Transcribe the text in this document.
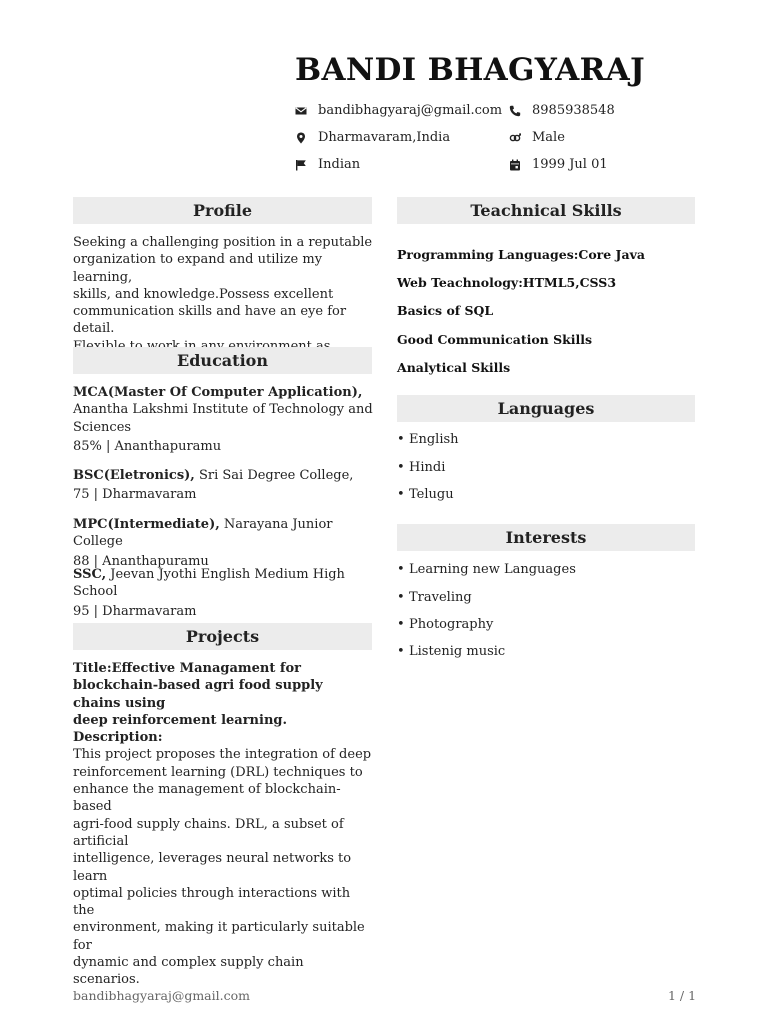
BANDI BHAGYARAJ
bandibhagyaraj@gmail.com 8985938548
Dharmavaram,India	Male
Indian	1999 Jul 01
Profile
Seeking a challenging position in a reputable
organization to expand and utilize my learning,
skills, and knowledge.Possess excellent
communication skills and have an eye for detail.
Education
MCA(Master Of Computer Application),
Anantha Lakshmi Institute of Technology and
Sciences
85% | Ananthapuramu
BSC(Eletronics), Sri Sai Degree College,
75 | Dharmavaram
MPC(Intermediate), Narayana Junior College
88 | Ananthapuramu
SSC, Jeevan Jyothi English Medium High School
95 | Dharmavaram
Projects
Title:Effective Managament for
blockchain-based agri food supply chains using
deep reinforcement learning.
Description:
This project proposes the integration of deep
reinforcement learning (DRL) techniques to
enhance the management of blockchain-based
agri-food supply chains. DRL, a subset of artificial
intelligence, leverages neural networks to learn
optimal policies through interactions with the
environment, making it particularly suitable for
dynamic and complex supply chain scenarios.
Teachnical Skills
Programming Languages:Core Java
Web Teachnology:HTML5,CSS3
Basics of SQL
Good Communication Skills
Analytical Skills
Languages
• English
• Hindi
• Telugu
Interests
• Learning new Languages
• Traveling
• Photography
• Listenig music
bandibhagyaraj@gmail.com	1 / 1
